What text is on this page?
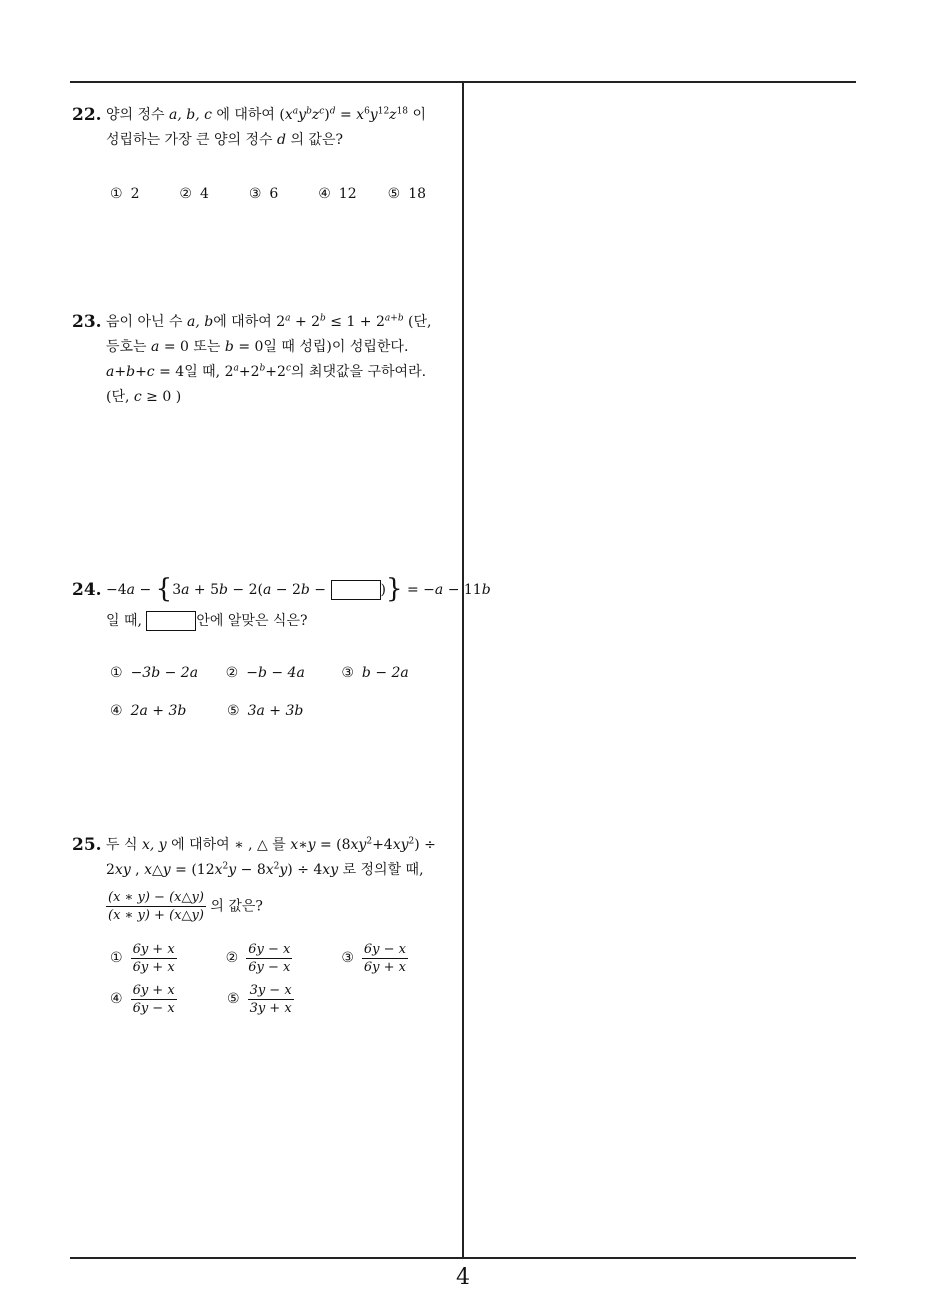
22. 양의 정수 a, b, c 에 대하여 $(x^ay^bz^c)^d = x^6y^{12}z^{18}$ 이
성립하는 가장 큰 양의 정수 d 의 값은?
① 2	② 4	③ 6	④ 12 ⑤ 18
23. 음이 아닌 수 a, b에 대하여 $2^a + 2^b \le 1 + 2^{a+b}$ (단,
등호는 a = 0 또는 b = 0일 때 성립)이 성립한다.
a+b+c = 4일 때, $2^a+2^b+2^c$의 최댓값을 구하여라.
(단, c ≥ 0 )
24. −4a − {3a + 5b − 2(a − 2b −	)} = −a − 11b
일 때,	안에 알맞은 식은?
① −3b − 2a ② −b − 4a	③ b − 2a
④ 2a + 3b	⑤ 3a + 3b
25. 두 식 x, y 에 대하여 ∗ , △ 를 x∗y = $(8xy^2+4xy^2)$ ÷
2xy , x△y = $(12x^2y - 8x^2y) \div 4xy$ 로 정의할 때,
$\frac{(x ∗ y) - (x\triangle y)}{(x ∗ y) + (x\triangle y)}$ 의 값은?
① $\frac{6y + x}{6y + x}$	② $\frac{6y - x}{6y - x}$	③ $\frac{6y - x}{6y + x}$
④ $\frac{6y + x}{6y - x}$	⑤ $\frac{3y - x}{3y + x}$
4
